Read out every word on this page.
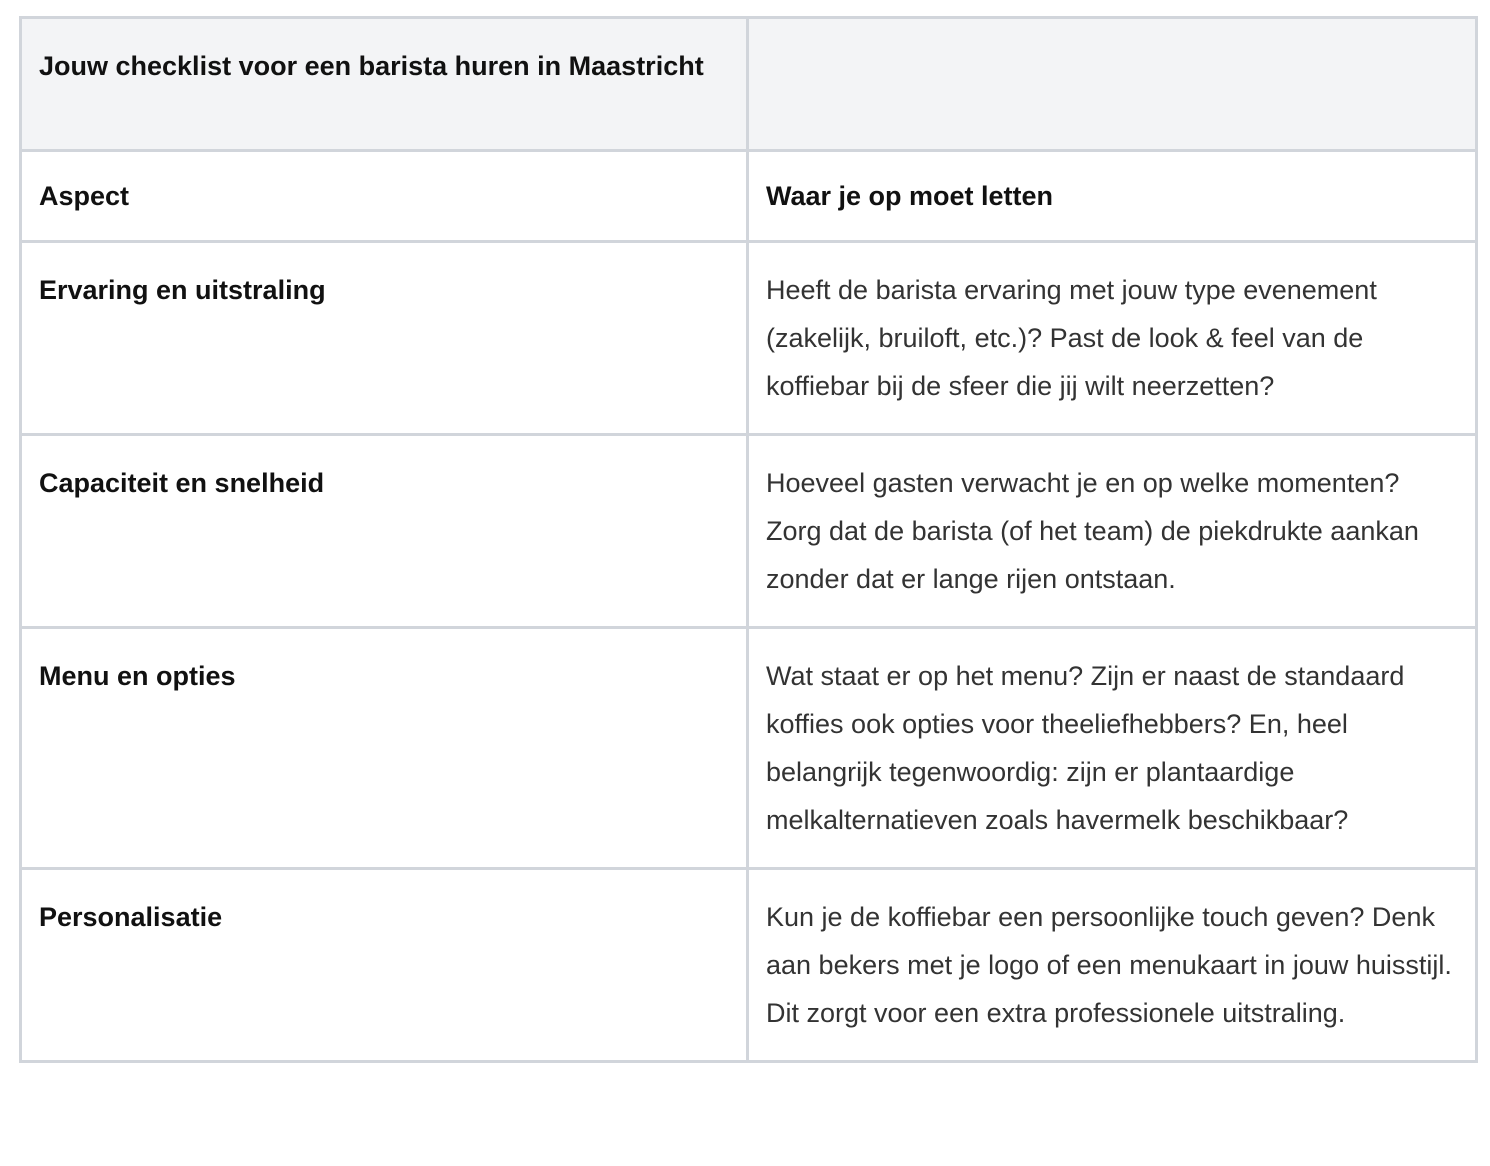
Jouw checklist voor een barista huren in Maastricht	
Aspect	Waar je op moet letten
Ervaring en uitstraling	Heeft de barista ervaring met jouw type evenement (zakelijk, bruiloft, etc.)? Past de look & feel van de koffiebar bij de sfeer die jij wilt neerzetten?
Capaciteit en snelheid	Hoeveel gasten verwacht je en op welke momenten? Zorg dat de barista (of het team) de piekdrukte aankan zonder dat er lange rijen ontstaan.
Menu en opties	Wat staat er op het menu? Zijn er naast de standaard koffies ook opties voor theeliefhebbers? En, heel belangrijk tegenwoordig: zijn er plantaardige melkalternatieven zoals havermelk beschikbaar?
Personalisatie	Kun je de koffiebar een persoonlijke touch geven? Denk aan bekers met je logo of een menukaart in jouw huisstijl. Dit zorgt voor een extra professionele uitstraling.
